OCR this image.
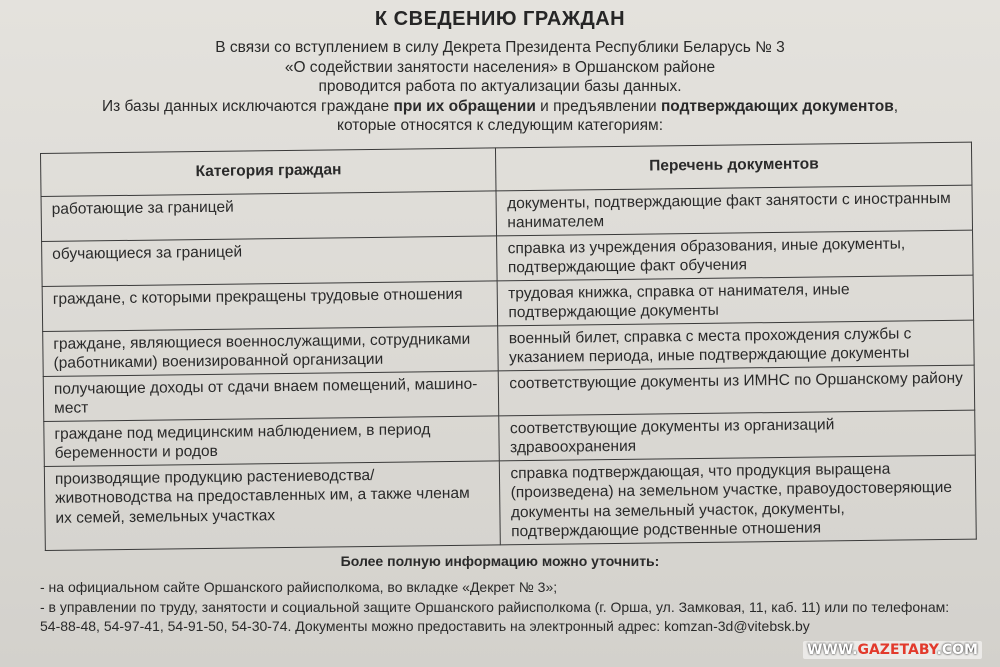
К СВЕДЕНИЮ ГРАЖДАН
В связи со вступлением в силу Декрета Президента Республики Беларусь № 3
«О содействии занятости населения» в Оршанском районе
проводится работа по актуализации базы данных.
Из базы данных исключаются граждане при их обращении и предъявлении подтверждающих документов,
которые относятся к следующим категориям:
Категория граждан	Перечень документов
работающие за границей	документы, подтверждающие факт занятости с иностранным нанимателем
обучающиеся за границей	справка из учреждения образования, иные документы, подтверждающие факт обучения
граждане, с которыми прекращены трудовые отношения	трудовая книжка, справка от нанимателя, иные подтверждающие документы
граждане, являющиеся военнослужащими, сотрудниками (работниками) военизированной организации	военный билет, справка с места прохождения службы с указанием периода, иные подтверждающие документы
получающие доходы от сдачи внаем помещений, машино-мест	соответствующие документы из ИМНС по Оршанскому району
граждане под медицинским наблюдением, в период беременности и родов	соответствующие документы из организаций здравоохранения
производящие продукцию растениеводства/ животноводства на предоставленных им, а также членам их семей, земельных участках	справка подтверждающая, что продукция выращена (произведена) на земельном участке, правоудостоверяющие документы на земельный участок, документы, подтверждающие родственные отношения
Более полную информацию можно уточнить:
- на официальном сайте Оршанского райисполкома, во вкладке «Декрет № 3»;
- в управлении по труду, занятости и социальной защите Оршанского райисполкома (г. Орша, ул. Замковая, 11, каб. 11) или по телефонам:
54-88-48, 54-97-41, 54-91-50, 54-30-74. Документы можно предоставить на электронный адрес: komzan-3d@vitebsk.by
WWW.GAZETABY.COM
